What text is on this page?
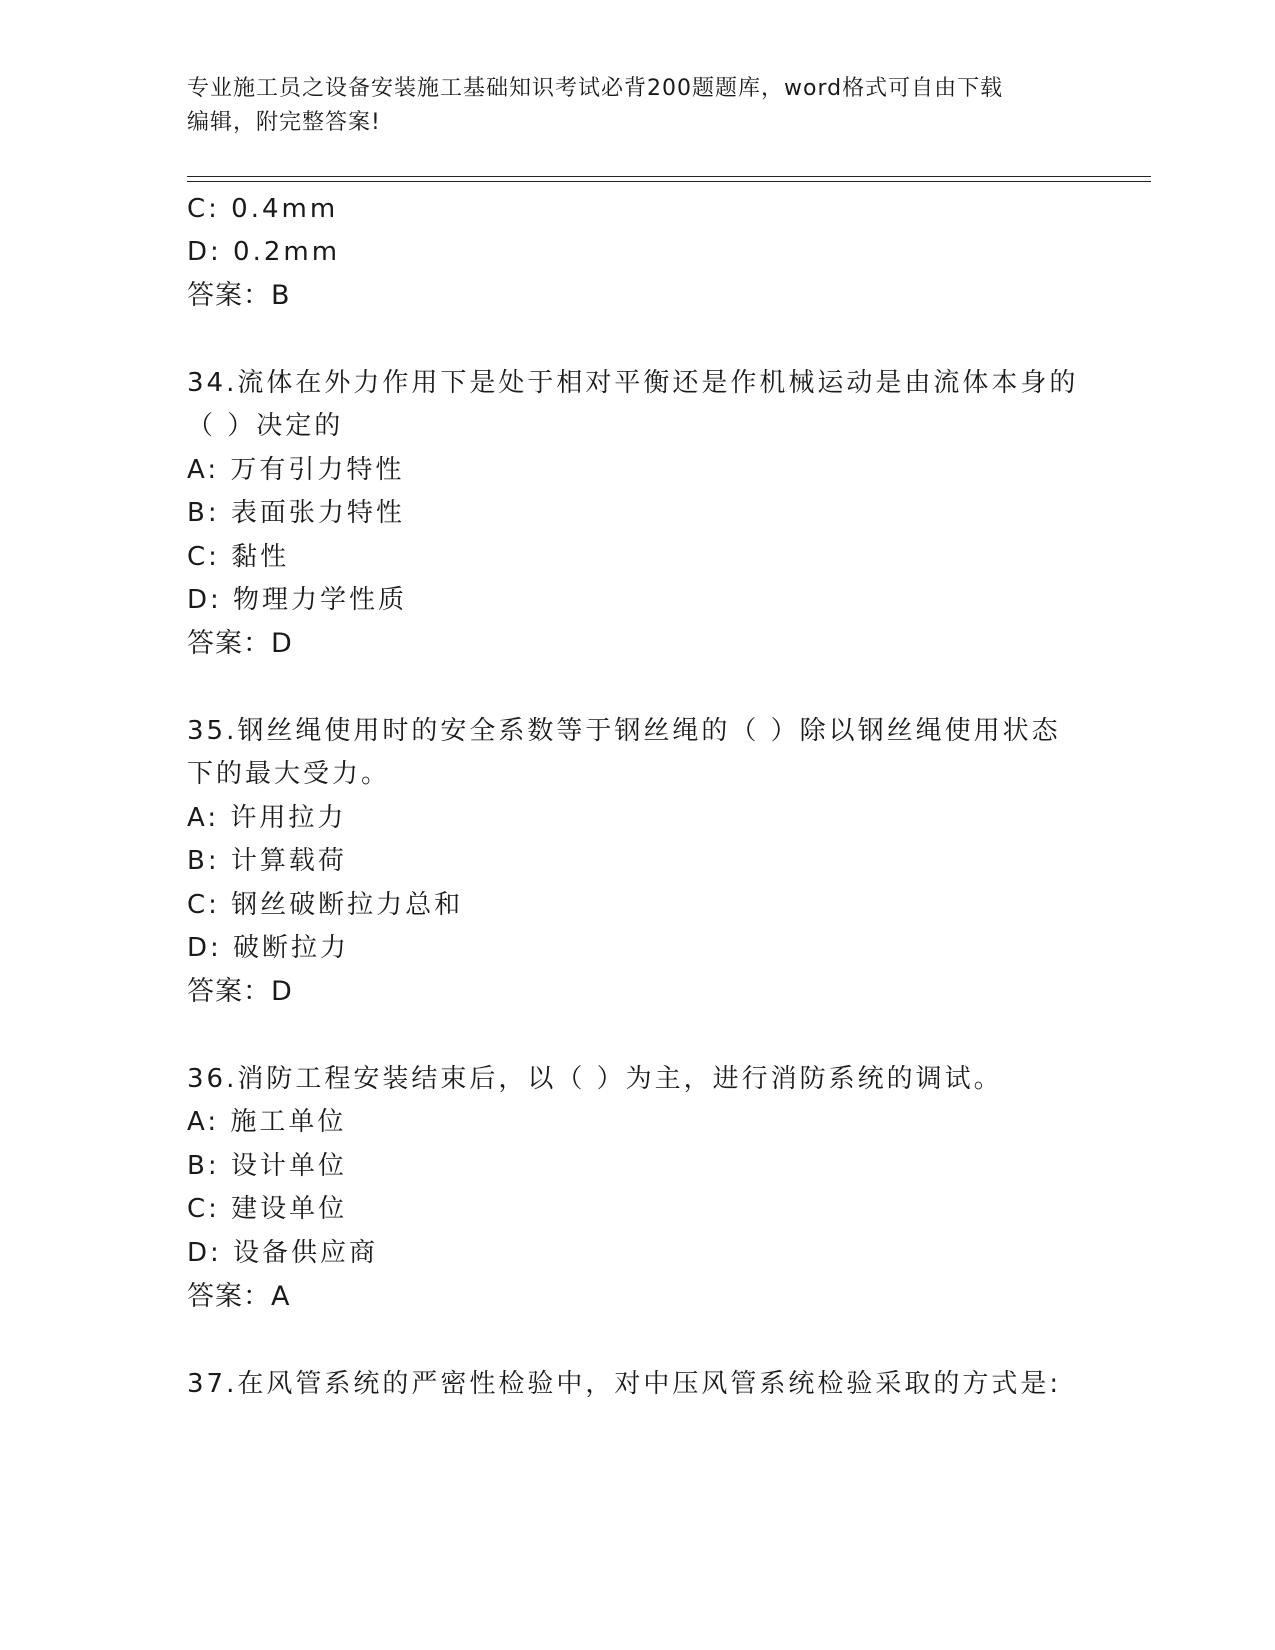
专业施工员之设备安装施工基础知识考试必背200题题库，word格式可自由下载
编辑，附完整答案!
C: 0.4mm
D: 0.2mm
答案：B
34.流体在外力作用下是处于相对平衡还是作机械运动是由流体本身的
（ ）决定的
A: 万有引力特性
B: 表面张力特性
C: 黏性
D: 物理力学性质
答案：D
35.钢丝绳使用时的安全系数等于钢丝绳的（ ）除以钢丝绳使用状态
下的最大受力。
A: 许用拉力
B: 计算载荷
C: 钢丝破断拉力总和
D: 破断拉力
答案：D
36.消防工程安装结束后，以（ ）为主，进行消防系统的调试。
A: 施工单位
B: 设计单位
C: 建设单位
D: 设备供应商
答案：A
37.在风管系统的严密性检验中，对中压风管系统检验采取的方式是:
